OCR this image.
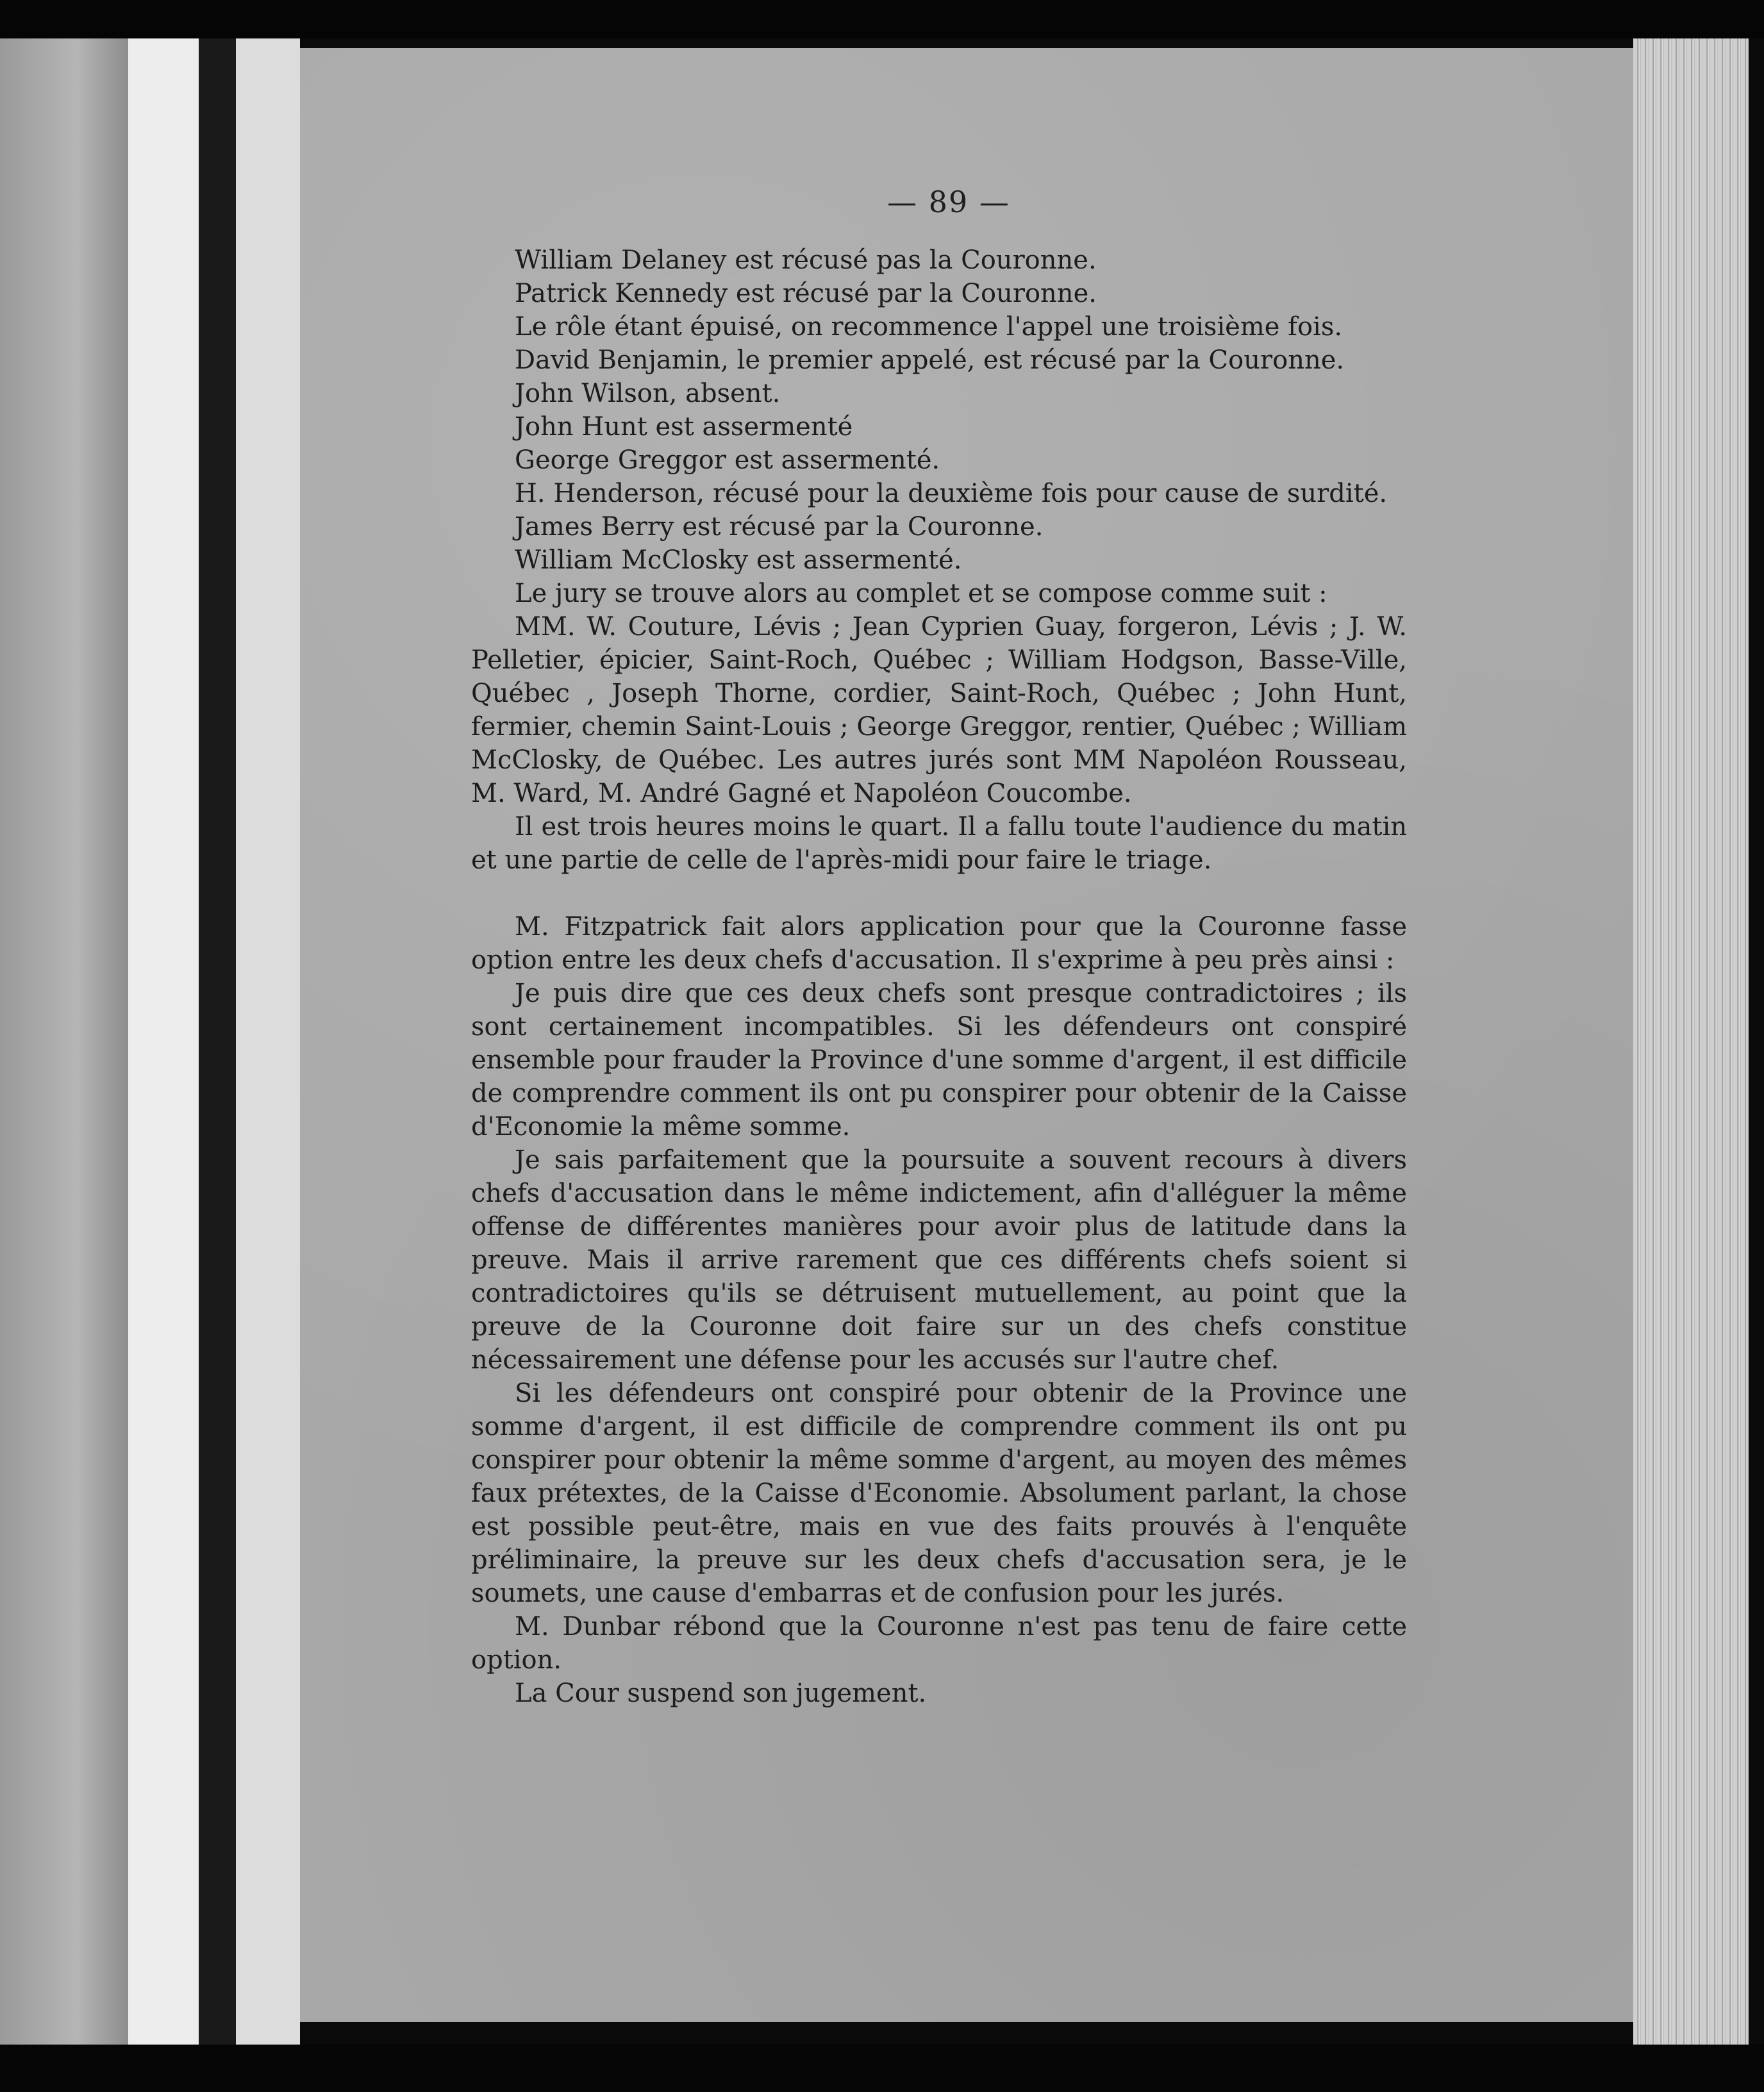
— 89 —

William Delaney est récusé pas la Couronne.

Patrick Kennedy est récusé par la Couronne.

Le rôle étant épuisé, on recommence l'appel une troisième fois.

David Benjamin, le premier appelé, est récusé par la Couronne.

John Wilson, absent.

John Hunt est assermenté

George Greggor est assermenté.

H. Henderson, récusé pour la deuxième fois pour cause de surdité.

James Berry est récusé par la Couronne.

William McClosky est assermenté.

Le jury se trouve alors au complet et se compose comme suit :

MM. W. Couture, Lévis ; Jean Cyprien Guay, forgeron, Lévis ; J. W. Pelletier, épicier, Saint-Roch, Québec ; William Hodgson, Basse-Ville, Québec , Joseph Thorne, cordier, Saint-Roch, Québec ; John Hunt, fermier, chemin Saint-Louis ; George Greggor, rentier, Québec ; William McClosky, de Québec. Les autres jurés sont MM Napoléon Rousseau, M. Ward, M. André Gagné et Napoléon Coucombe.

Il est trois heures moins le quart. Il a fallu toute l'audience du matin et une partie de celle de l'après-midi pour faire le triage.

M. Fitzpatrick fait alors application pour que la Couronne fasse option entre les deux chefs d'accusation. Il s'exprime à peu près ainsi :

Je puis dire que ces deux chefs sont presque contradictoires ; ils sont certainement incompatibles. Si les défendeurs ont conspiré ensemble pour frauder la Province d'une somme d'argent, il est difficile de comprendre comment ils ont pu conspirer pour obtenir de la Caisse d'Economie la même somme.

Je sais parfaitement que la poursuite a souvent recours à divers chefs d'accusation dans le même indictement, afin d'alléguer la même offense de différentes manières pour avoir plus de latitude dans la preuve. Mais il arrive rarement que ces différents chefs soient si contradictoires qu'ils se détruisent mutuellement, au point que la preuve de la Couronne doit faire sur un des chefs constitue nécessairement une défense pour les accusés sur l'autre chef.

Si les défendeurs ont conspiré pour obtenir de la Province une somme d'argent, il est difficile de comprendre comment ils ont pu conspirer pour obtenir la même somme d'argent, au moyen des mêmes faux prétextes, de la Caisse d'Economie. Absolument parlant, la chose est possible peut-être, mais en vue des faits prouvés à l'enquête préliminaire, la preuve sur les deux chefs d'accusation sera, je le soumets, une cause d'embarras et de confusion pour les jurés.

M. Dunbar rébond que la Couronne n'est pas tenu de faire cette option.

La Cour suspend son jugement.
